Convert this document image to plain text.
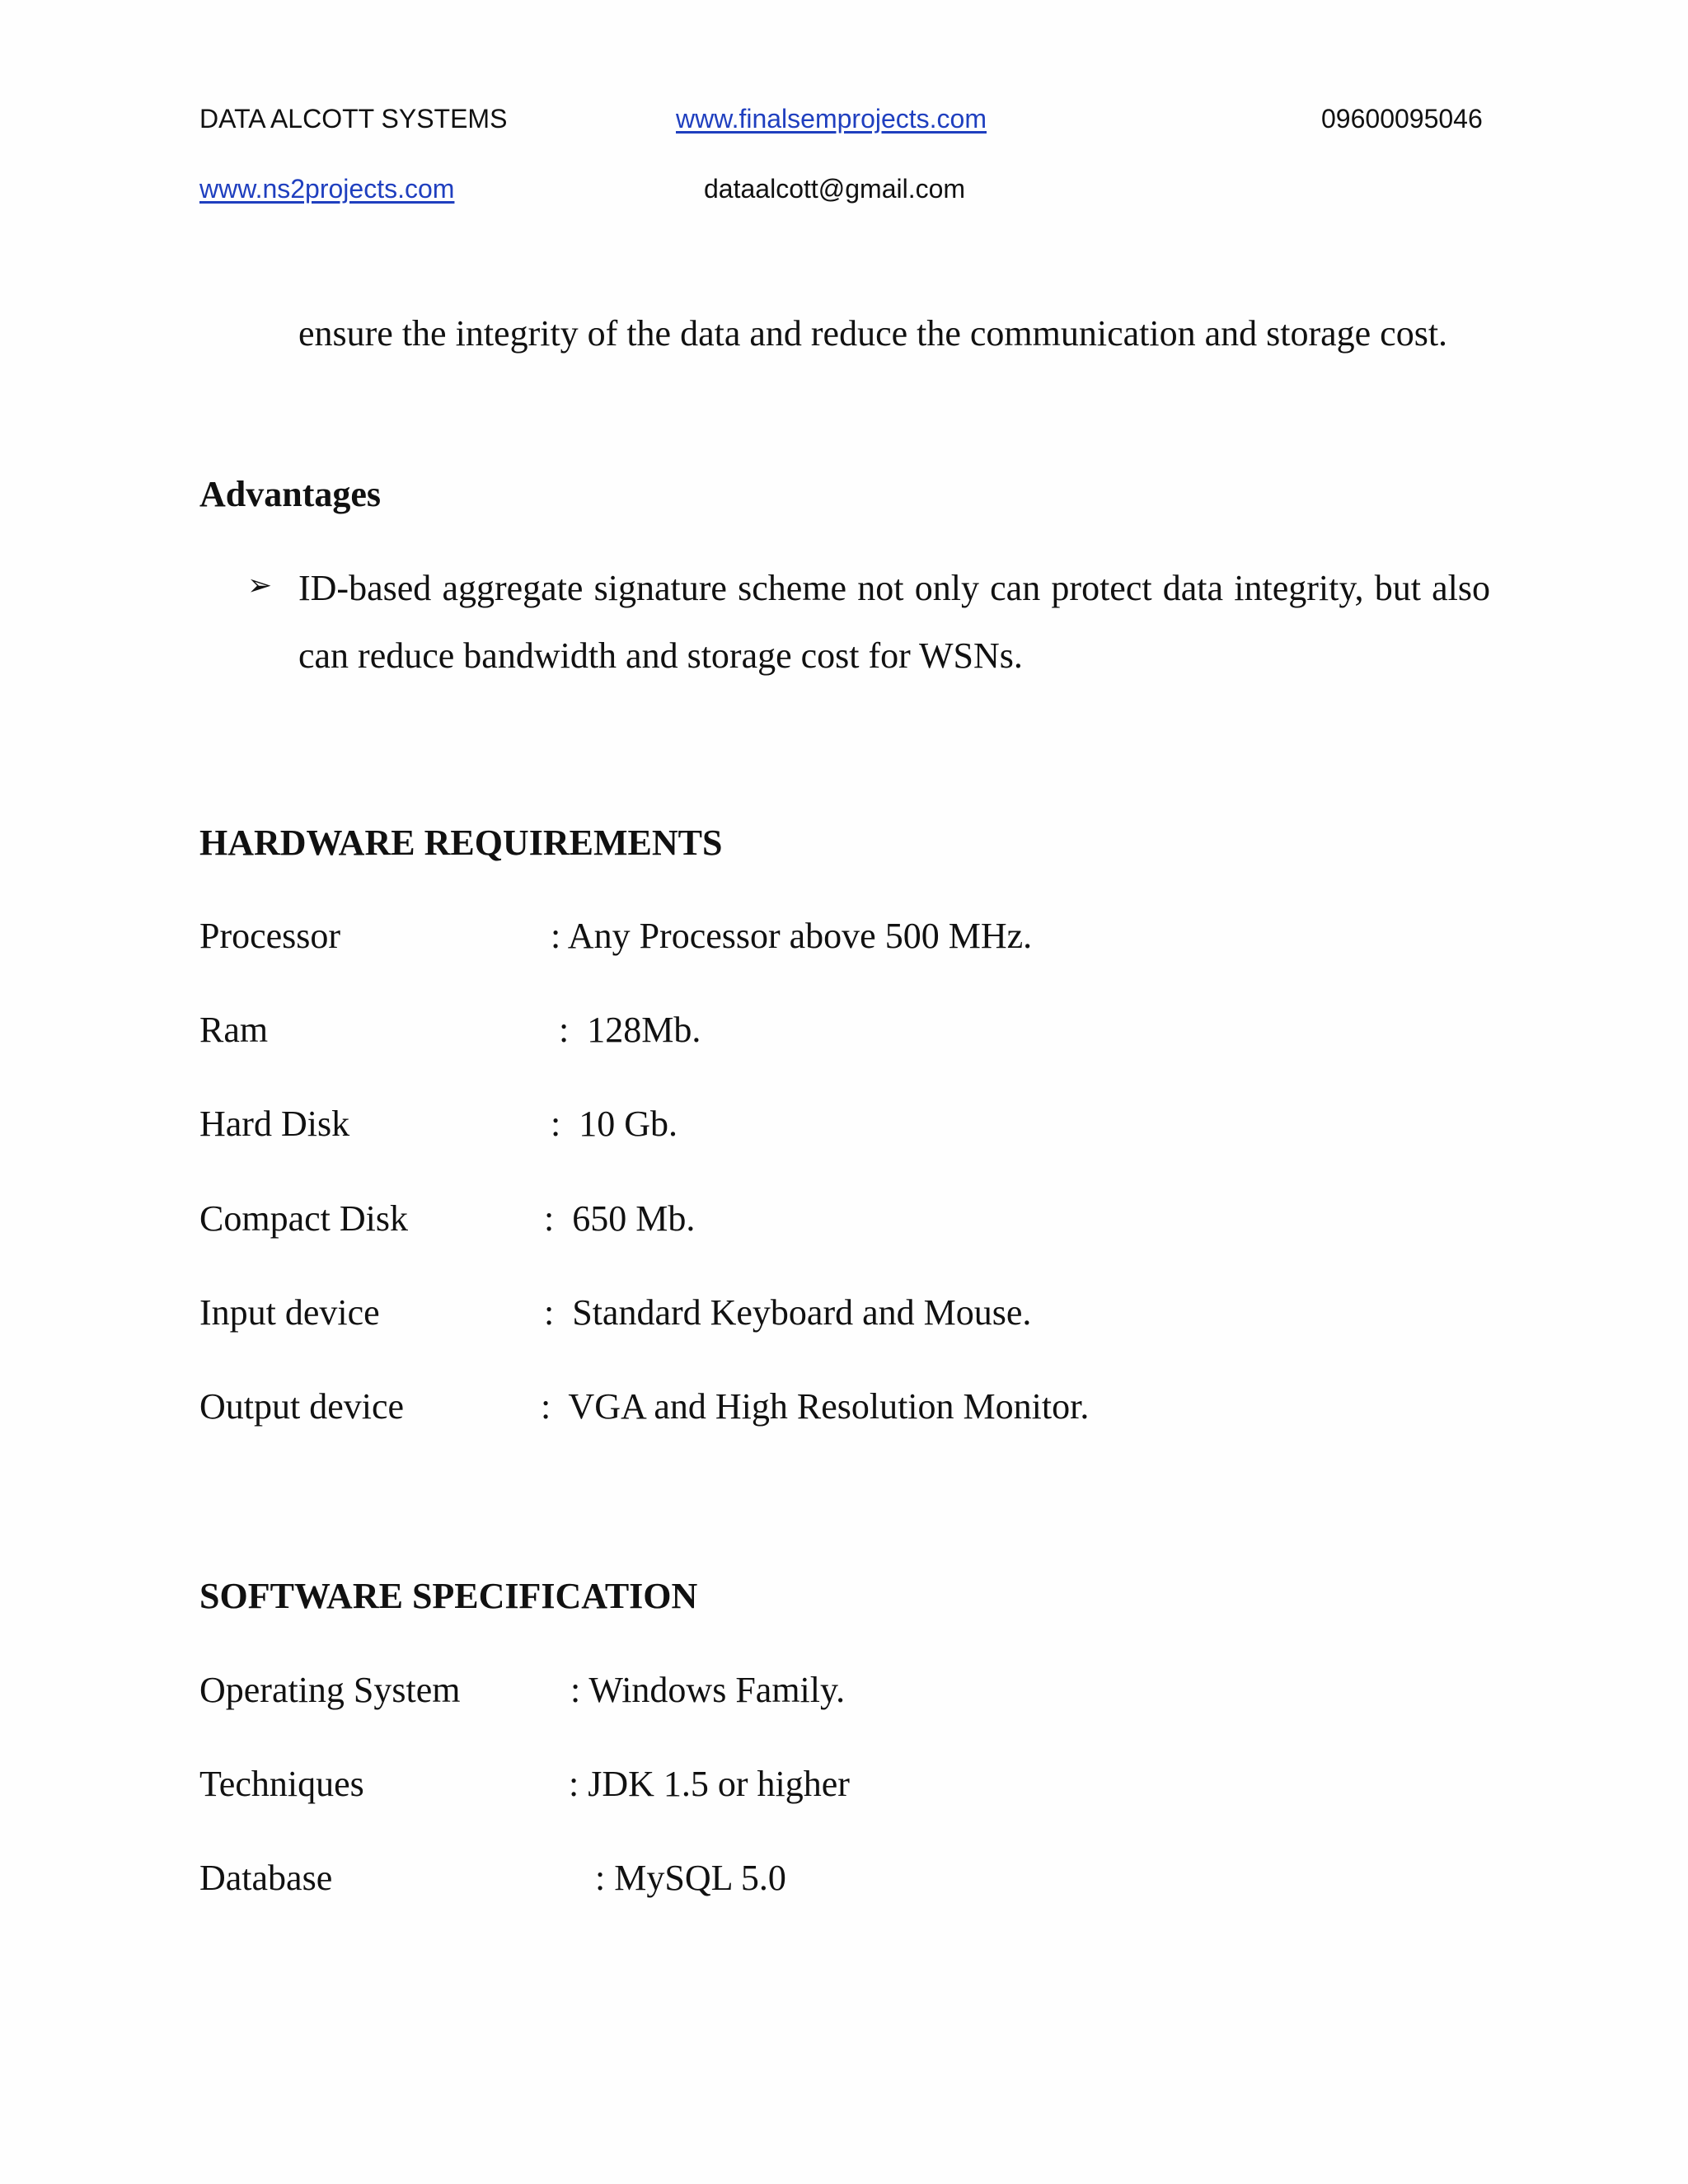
DATA ALCOTT SYSTEMS	www.finalsemprojects.com	09600095046
www.ns2projects.com	dataalcott@gmail.com
ensure the integrity of the data and reduce the communication and storage cost.
Advantages
➢ ID-based aggregate signature scheme not only can protect data integrity, but also can reduce bandwidth and storage cost for WSNs.
HARDWARE REQUIREMENTS
Processor	: Any Processor above 500 MHz.
Ram	:  128Mb.
Hard Disk	:  10 Gb.
Compact Disk	:  650 Mb.
Input device	:  Standard Keyboard and Mouse.
Output device	:  VGA and High Resolution Monitor.
SOFTWARE SPECIFICATION
Operating System	: Windows Family.
Techniques	: JDK 1.5 or higher
Database	: MySQL 5.0
